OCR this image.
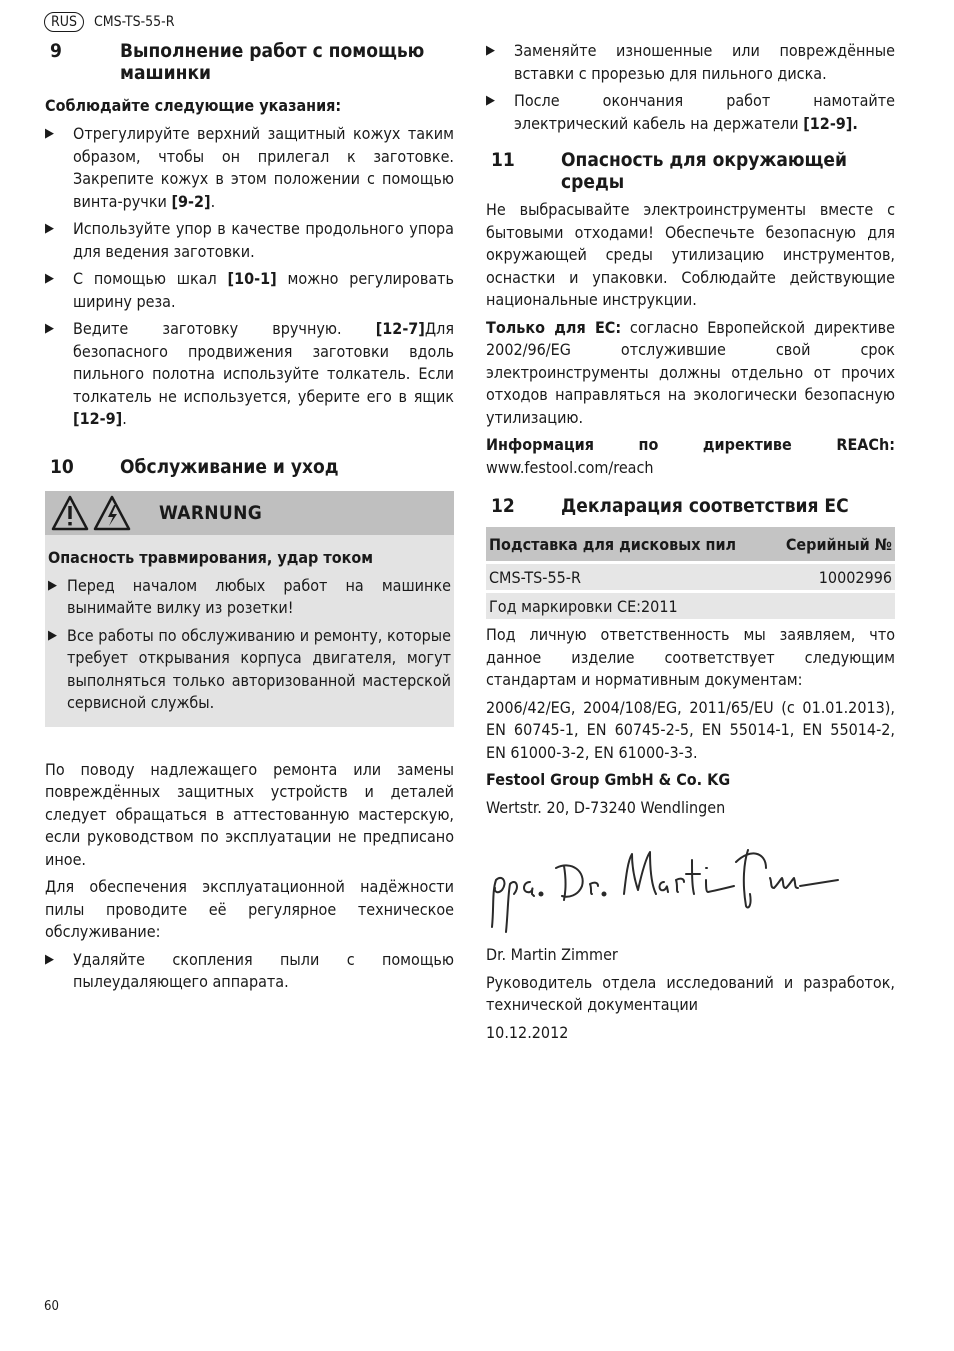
RUS	CMS-TS-55-R
9	Выполнение работ с помощью машинки
Соблюдайте следующие указания:
▶	Отрегулируйте верхний защитный кожух таким образом, чтобы он прилегал к заготовке. Закрепите кожух в этом положении с помощью винта-ручки [9-2].
▶	Используйте упор в качестве продольного упора для ведения заготовки.
▶	С помощью шкал [10-1] можно регулировать ширину реза.
▶	Ведите заготовку вручную. [12-7]Для безопасного продвижения заготовки вдоль пильного полотна используйте толкатель. Если толкатель не используется, уберите его в ящик [12-9].
10	Обслуживание и уход
WARNUNG
Опасность травмирования, удар током
▶ Перед началом любых работ на машинке вынимайте вилку из розетки!
▶ Все работы по обслуживанию и ремонту, которые требует открывания корпуса двигателя, могут выполняться только авторизованной мастерской сервисной службы.
По поводу надлежащего ремонта или замены повреждённых защитных устройств и деталей следует обращаться в аттестованную мастерскую, если руководством по эксплуатации не предписано иное.
Для обеспечения эксплуатационной надёжности пилы проводите её регулярное техническое обслуживание:
▶	Удаляйте скопления пыли с помощью пылеудаляющего аппарата.
▶	Заменяйте изношенные или повреждённые вставки с прорезью для пильного диска.
▶	После окончания работ намотайте электрический кабель на держатели [12-9].
11	Опасность для окружающей среды
Не выбрасывайте электроинструменты вместе с бытовыми отходами! Обеспечьте безопасную для окружающей среды утилизацию инструментов, оснастки и упаковки. Соблюдайте действующие национальные инструкции.
Только для ЕС: согласно Европейской директиве 2002/96/EG отслужившие свой срок электроинструменты должны отдельно от прочих отходов направляться на экологически безопасную утилизацию.
Информация по директиве REACh:
www.festool.com/reach
12	Декларация соответствия ЕС
Подставка для дисковых пил	Серийный №
CMS-TS-55-R	10002996
Год маркировки CE:2011	
Под личную ответственность мы заявляем, что данное изделие соответствует следующим стандартам и нормативным документам:
2006/42/EG, 2004/108/EG, 2011/65/EU (с 01.01.2013), EN 60745-1, EN 60745-2-5, EN 55014-1, EN 55014-2, EN 61000-3-2, EN 61000-3-3.
Festool Group GmbH & Co. KG
Wertstr. 20, D-73240 Wendlingen
Dr. Martin Zimmer
Руководитель отдела исследований и разработок, технической документации
10.12.2012
60
